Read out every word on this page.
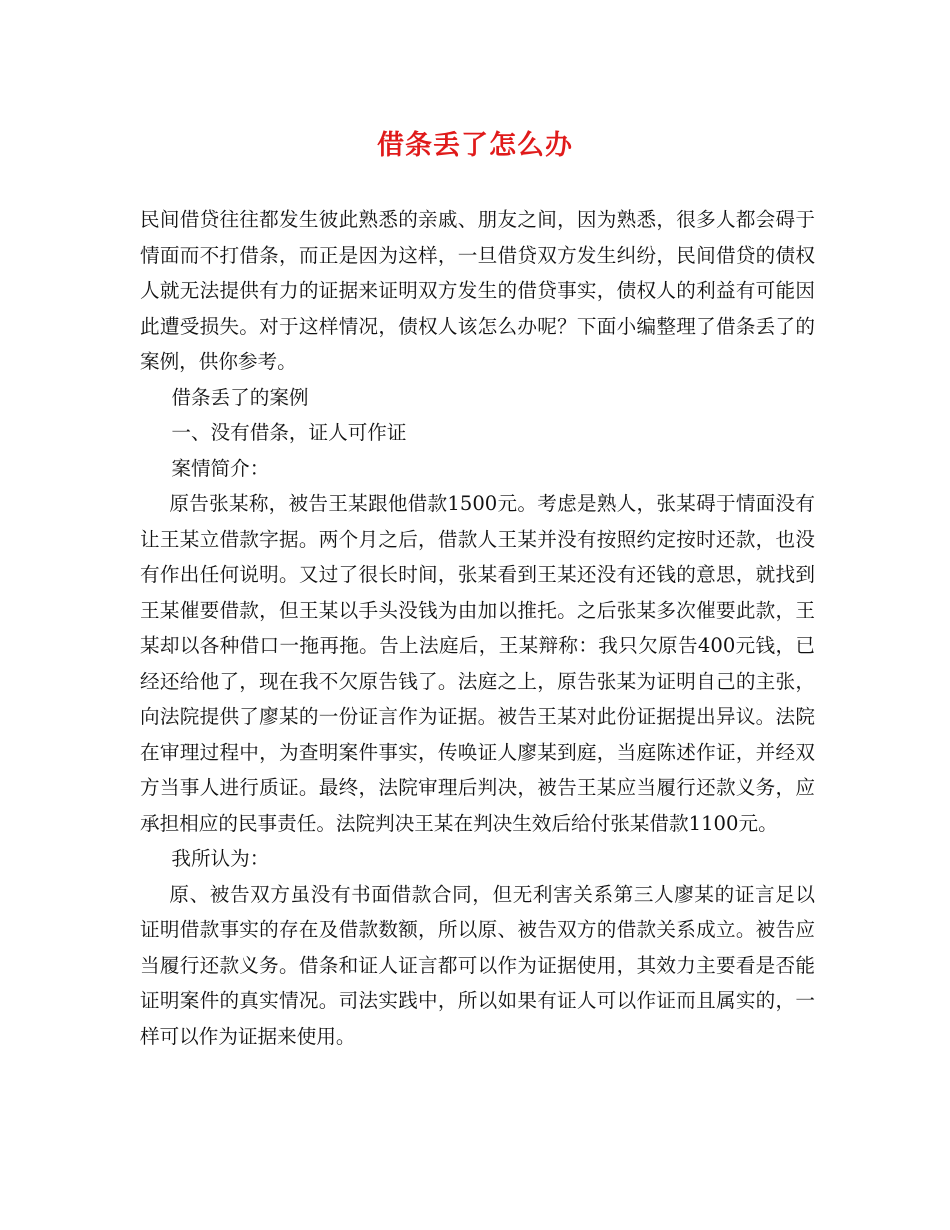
借条丢了怎么办

民间借贷往往都发生彼此熟悉的亲戚、朋友之间，因为熟悉，很多人都会碍于情面而不打借条，而正是因为这样，一旦借贷双方发生纠纷，民间借贷的债权人就无法提供有力的证据来证明双方发生的借贷事实，债权人的利益有可能因此遭受损失。对于这样情况，债权人该怎么办呢？下面小编整理了借条丢了的案例，供你参考。

借条丢了的案例

一、没有借条，证人可作证

案情简介：

原告张某称，被告王某跟他借款1500元。考虑是熟人，张某碍于情面没有让王某立借款字据。两个月之后，借款人王某并没有按照约定按时还款，也没有作出任何说明。又过了很长时间，张某看到王某还没有还钱的意思，就找到王某催要借款，但王某以手头没钱为由加以推托。之后张某多次催要此款，王某却以各种借口一拖再拖。告上法庭后，王某辩称：我只欠原告400元钱，已经还给他了，现在我不欠原告钱了。法庭之上，原告张某为证明自己的主张，向法院提供了廖某的一份证言作为证据。被告王某对此份证据提出异议。法院在审理过程中，为查明案件事实，传唤证人廖某到庭，当庭陈述作证，并经双方当事人进行质证。最终，法院审理后判决，被告王某应当履行还款义务，应承担相应的民事责任。法院判决王某在判决生效后给付张某借款1100元。

我所认为：

原、被告双方虽没有书面借款合同，但无利害关系第三人廖某的证言足以证明借款事实的存在及借款数额，所以原、被告双方的借款关系成立。被告应当履行还款义务。借条和证人证言都可以作为证据使用，其效力主要看是否能证明案件的真实情况。司法实践中，所以如果有证人可以作证而且属实的，一样可以作为证据来使用。
